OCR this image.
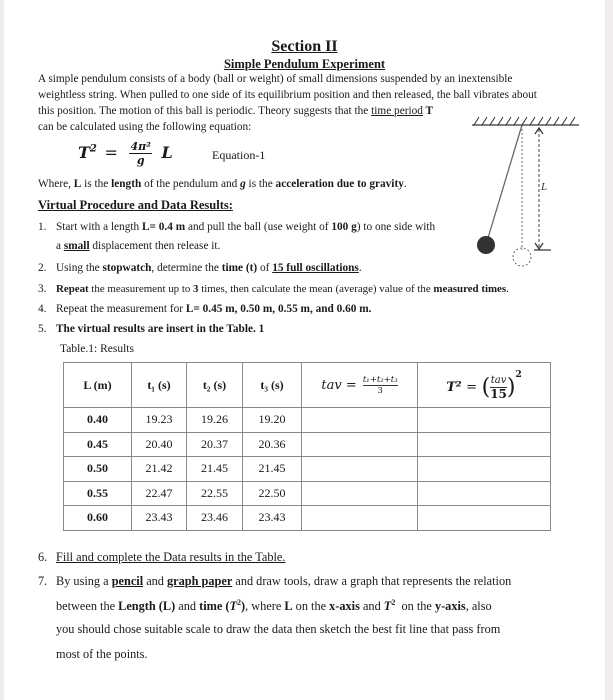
Section II
Simple Pendulum Experiment
A simple pendulum consists of a body (ball or weight) of small dimensions suspended by an inextensible
weightless string. When pulled to one side of its equilibrium position and then released, the ball vibrates about
this position. The motion of this ball is periodic. Theory suggests that the time period T
can be calculated using the following equation:
$T^2 = \frac{\text{4π²}}{g}$ L	Equation-1
Where, L is the length of the pendulum and g is the acceleration due to gravity.
Virtual Procedure and Data Results:
1. Start with a length L= 0.4 m and pull the ball (use weight of 100 g) to one side with
a small displacement then release it.
2. Using the stopwatch, determine the time (t) of 15 full oscillations.
3. Repeat the measurement up to 3 times, then calculate the mean (average) value of the measured times.
4. Repeat the measurement for L= 0.45 m, 0.50 m, 0.55 m, and 0.60 m.
5. The virtual results are insert in the Table. 1
Table.1: Results
L (m)	t₁ (s)	t₂ (s)	t₃ (s)	tav = $\frac{\text{t₁+t₂+t₃}}{3}$	T² = ( $\frac{\text{tav}}{15} )^2$
0.40	19.23	19.26	19.20		
0.45	20.40	20.37	20.36		
0.50	21.42	21.45	21.45		
0.55	22.47	22.55	22.50		
0.60	23.43	23.46	23.43		
6. Fill and complete the Data results in the Table.
7. By using a pencil and graph paper and draw tools, draw a graph that represents the relation
between the Length (L) and time $(T^2)$, where L on the x-axis and $T^2$  on the y-axis, also
you should chose suitable scale to draw the data then sketch the best fit line that pass from
most of the points.
L
